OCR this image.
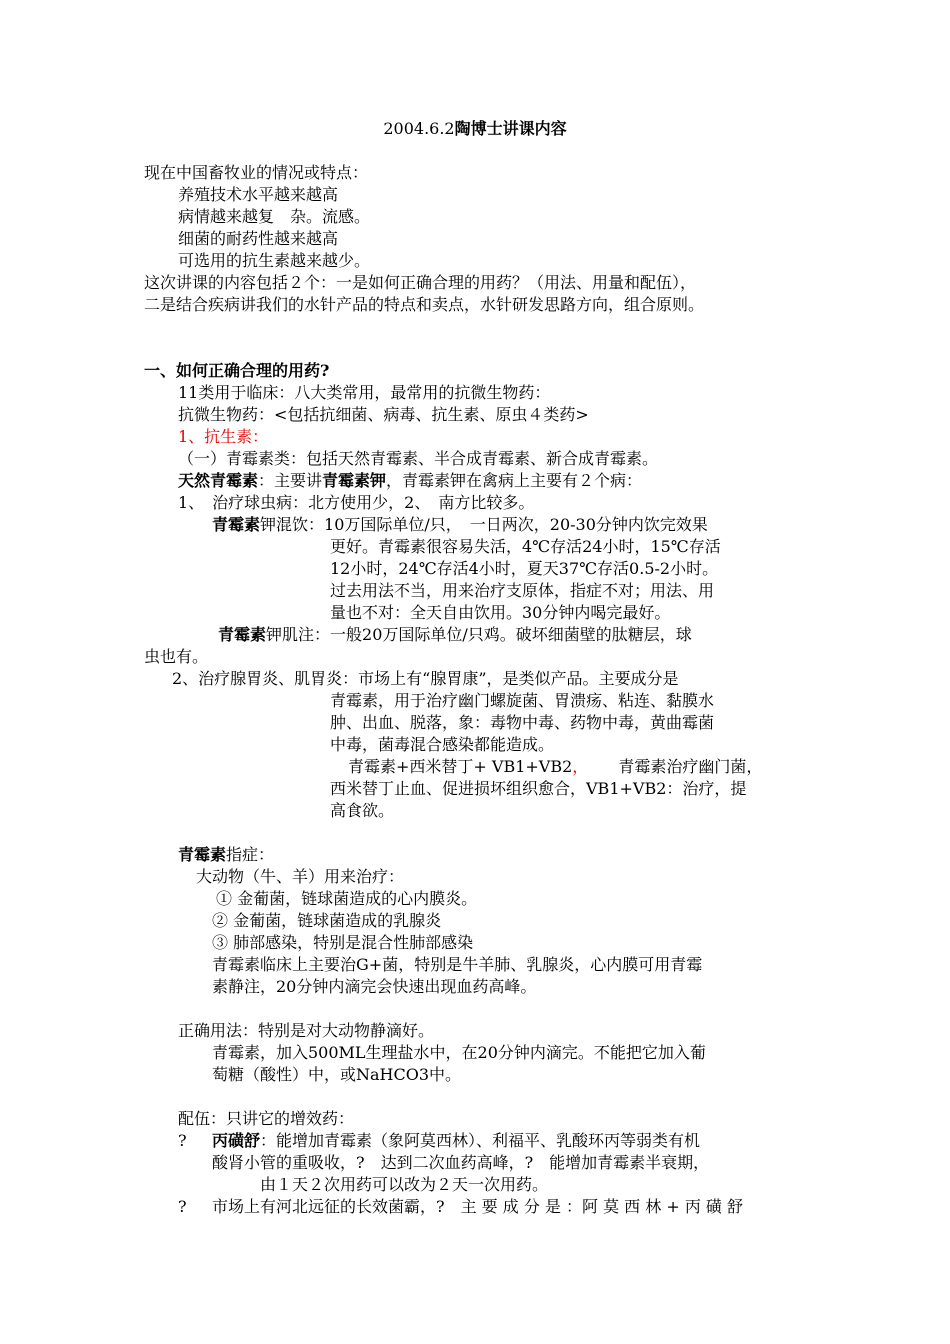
2004.6.2陶博士讲课内容
现在中国畜牧业的情况或特点：
养殖技术水平越来越高
病情越来越复　杂。流感。
细菌的耐药性越来越高
可选用的抗生素越来越少。
这次讲课的内容包括２个：一是如何正确合理的用药？（用法、用量和配伍），
二是结合疾病讲我们的水针产品的特点和卖点，水针研发思路方向，组合原则。
一、如何正确合理的用药?
11类用于临床：八大类常用，最常用的抗微生物药：
抗微生物药：<包括抗细菌、病毒、抗生素、原虫４类药>
1、抗生素：
（一）青霉素类：包括天然青霉素、半合成青霉素、新合成青霉素。
天然青霉素：主要讲青霉素钾，青霉素钾在禽病上主要有２个病：
1、　治疗球虫病：北方使用少，2、　南方比较多。
青霉素钾混饮：10万国际单位/只，　一日两次，20-30分钟内饮完效果
更好。青霉素很容易失活，4℃存活24小时，15℃存活
12小时，24℃存活4小时，夏天37℃存活0.5-2小时。
过去用法不当，用来治疗支原体，指症不对；用法、用
量也不对：全天自由饮用。30分钟内喝完最好。
青霉素钾肌注：一般20万国际单位/只鸡。破坏细菌壁的肽糖层，球
虫也有。
2、治疗腺胃炎、肌胃炎：市场上有“腺胃康”，是类似产品。主要成分是
青霉素，用于治疗幽门螺旋菌、胃溃疡、粘连、黏膜水
肿、出血、脱落，象：毒物中毒、药物中毒，黄曲霉菌
中毒，菌毒混合感染都能造成。
青霉素+西米替丁+ VB1+VB2， 青霉素治疗幽门菌，
西米替丁止血、促进损坏组织愈合，VB1+VB2：治疗，提
高食欲。
青霉素指症：
大动物（牛、羊）用来治疗：
① 金葡菌，链球菌造成的心内膜炎。
② 金葡菌，链球菌造成的乳腺炎
③ 肺部感染，特别是混合性肺部感染
青霉素临床上主要治G+菌，特别是牛羊肺、乳腺炎，心内膜可用青霉
素静注，20分钟内滴完会快速出现血药高峰。
正确用法：特别是对大动物静滴好。
青霉素，加入500ML生理盐水中，在20分钟内滴完。不能把它加入葡
萄糖（酸性）中，或NaHCO3中。
配伍：只讲它的增效药：
? 丙磺舒：能增加青霉素（象阿莫西林）、利福平、乳酸环丙等弱类有机
酸肾小管的重吸收，?　达到二次血药高峰，?　能增加青霉素半衰期，
由１天２次用药可以改为２天一次用药。
? 市场上有河北远征的长效菌霸，?　主 要 成 分 是 ：阿 莫 西 林 + 丙 磺 舒
